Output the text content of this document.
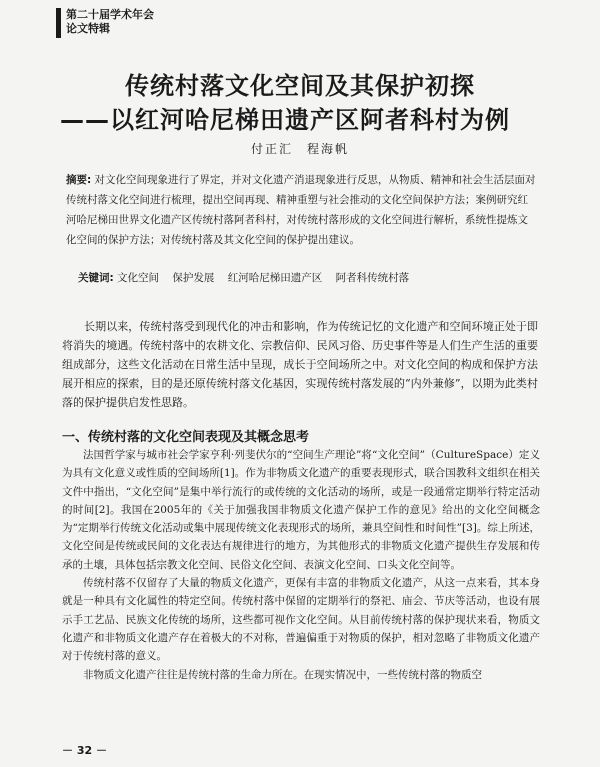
第二十届学术年会
论文特辑
传统村落文化空间及其保护初探
——以红河哈尼梯田遗产区阿者科村为例
付正汇　程海帆
摘要: 对文化空间现象进行了界定，并对文化遗产消退现象进行反思，从物质、精神和社会生活层面对传统村落文化空间进行梳理，提出空间再现、精神重塑与社会推动的文化空间保护方法；案例研究红河哈尼梯田世界文化遗产区传统村落阿者科村，对传统村落形成的文化空间进行解析，系统性提炼文化空间的保护方法；对传统村落及其文化空间的保护提出建议。
关键词: 文化空间 保护发展 红河哈尼梯田遗产区 阿者科传统村落
长期以来，传统村落受到现代化的冲击和影响，作为传统记忆的文化遗产和空间环境正处于即将消失的境遇。传统村落中的农耕文化、宗教信仰、民风习俗、历史事件等是人们生产生活的重要组成部分，这些文化活动在日常生活中呈现，成长于空间场所之中。对文化空间的构成和保护方法展开相应的探索，目的是还原传统村落文化基因，实现传统村落发展的“内外兼修”，以期为此类村落的保护提供启发性思路。
一、传统村落的文化空间表现及其概念思考

法国哲学家与城市社会学家亨利·列斐伏尔的“空间生产理论”将“文化空间”（CultureSpace）定义为具有文化意义或性质的空间场所[1]。作为非物质文化遗产的重要表现形式，联合国教科文组织在相关文件中指出，“文化空间”是集中举行流行的或传统的文化活动的场所，或是一段通常定期举行特定活动的时间[2]。我国在2005年的《关于加强我国非物质文化遗产保护工作的意见》给出的文化空间概念为“定期举行传统文化活动或集中展现传统文化表现形式的场所，兼具空间性和时间性”[3]。综上所述，文化空间是传统或民间的文化表达有规律进行的地方，为其他形式的非物质文化遗产提供生存发展和传承的土壤，具体包括宗教文化空间、民俗文化空间、表演文化空间、口头文化空间等。

传统村落不仅留存了大量的物质文化遗产，更保有丰富的非物质文化遗产，从这一点来看，其本身就是一种具有文化属性的特定空间。传统村落中保留的定期举行的祭祀、庙会、节庆等活动，也设有展示手工艺品、民族文化传统的场所，这些都可视作文化空间。从目前传统村落的保护现状来看，物质文化遗产和非物质文化遗产存在着极大的不对称，普遍偏重于对物质的保护，相对忽略了非物质文化遗产对于传统村落的意义。

非物质文化遗产往往是传统村落的生命力所在。在现实情况中，一些传统村落的物质空

－ 32 －
